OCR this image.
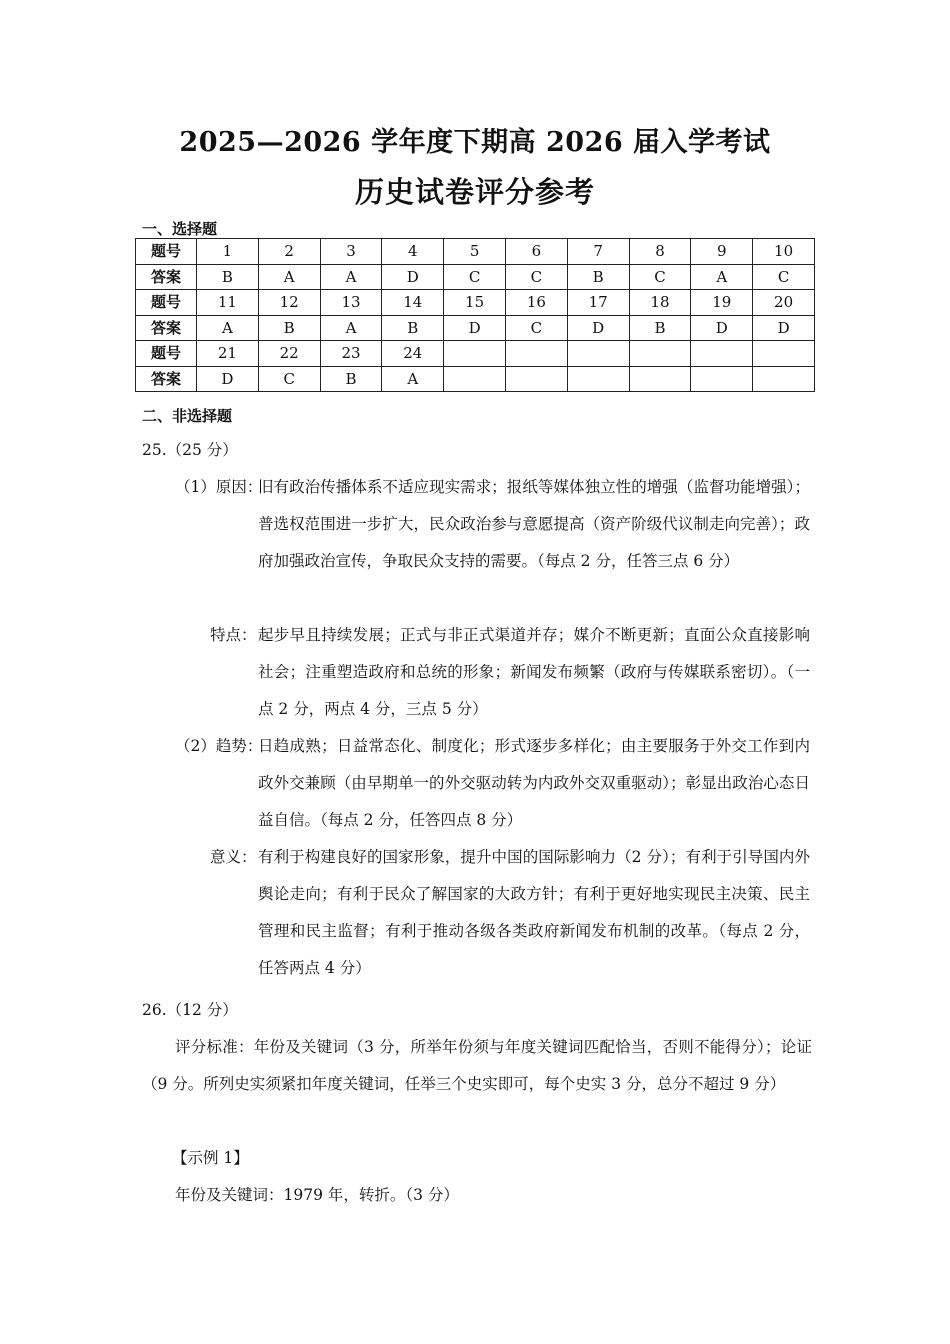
2025—2026 学年度下期高 2026 届入学考试
历史试卷评分参考
一、选择题
题号	1	2	3	4	5	6	7	8	9	10
答案	B	A	A	D	C	C	B	C	A	C
题号	11	12	13	14	15	16	17	18	19	20
答案	A	B	A	B	D	C	D	B	D	D
题号	21	22	23	24						
答案	D	C	B	A						
二、非选择题
25.（25 分）
（1）原因：
旧有政治传播体系不适应现实需求；报纸等媒体独立性的增强（监督功能增强）；普选权范围进一步扩大，民众政治参与意愿提高（资产阶级代议制走向完善）；政府加强政治宣传，争取民众支持的需要。（每点 2 分，任答三点 6 分）
特点： 起步早且持续发展；正式与非正式渠道并存；媒介不断更新；直面公众直接影响社会；注重塑造政府和总统的形象；新闻发布频繁（政府与传媒联系密切）。（一点 2 分，两点 4 分，三点 5 分）
（2）趋势：
日趋成熟；日益常态化、制度化；形式逐步多样化；由主要服务于外交工作到内政外交兼顾（由早期单一的外交驱动转为内政外交双重驱动）；彰显出政治心态日益自信。（每点 2 分，任答四点 8 分）
意义： 有利于构建良好的国家形象，提升中国的国际影响力（2 分）；有利于引导国内外舆论走向；有利于民众了解国家的大政方针；有利于更好地实现民主决策、民主管理和民主监督；有利于推动各级各类政府新闻发布机制的改革。（每点 2 分，任答两点 4 分）
26.（12 分）
评分标准：年份及关键词（3 分，所举年份须与年度关键词匹配恰当，否则不能得分）；论证（9 分。所列史实须紧扣年度关键词，任举三个史实即可，每个史实 3 分，总分不超过 9 分）
【示例 1】
年份及关键词：1979 年，转折。（3 分）
